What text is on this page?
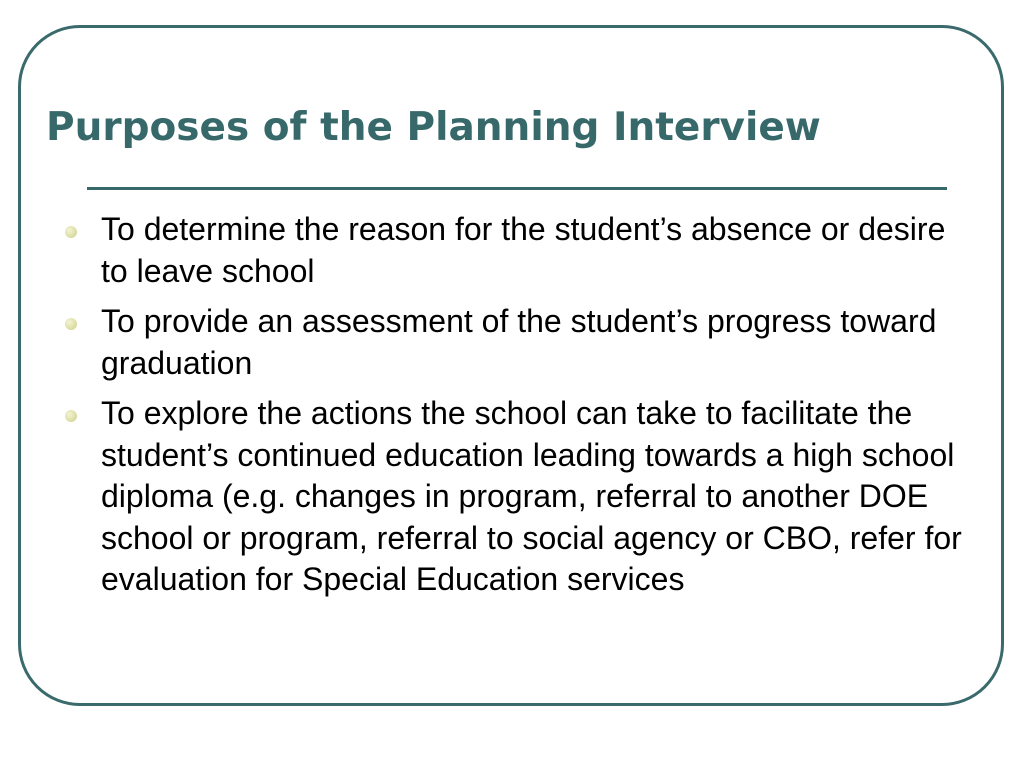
Purposes of the Planning Interview
To determine the reason for the student’s absence or desire to leave school
To provide an assessment of the student’s progress toward graduation
To explore the actions the school can take to facilitate the student’s continued education leading towards a high school diploma (e.g. changes in program, referral to another DOE school or program, referral to social agency or CBO, refer for evaluation for Special Education services
